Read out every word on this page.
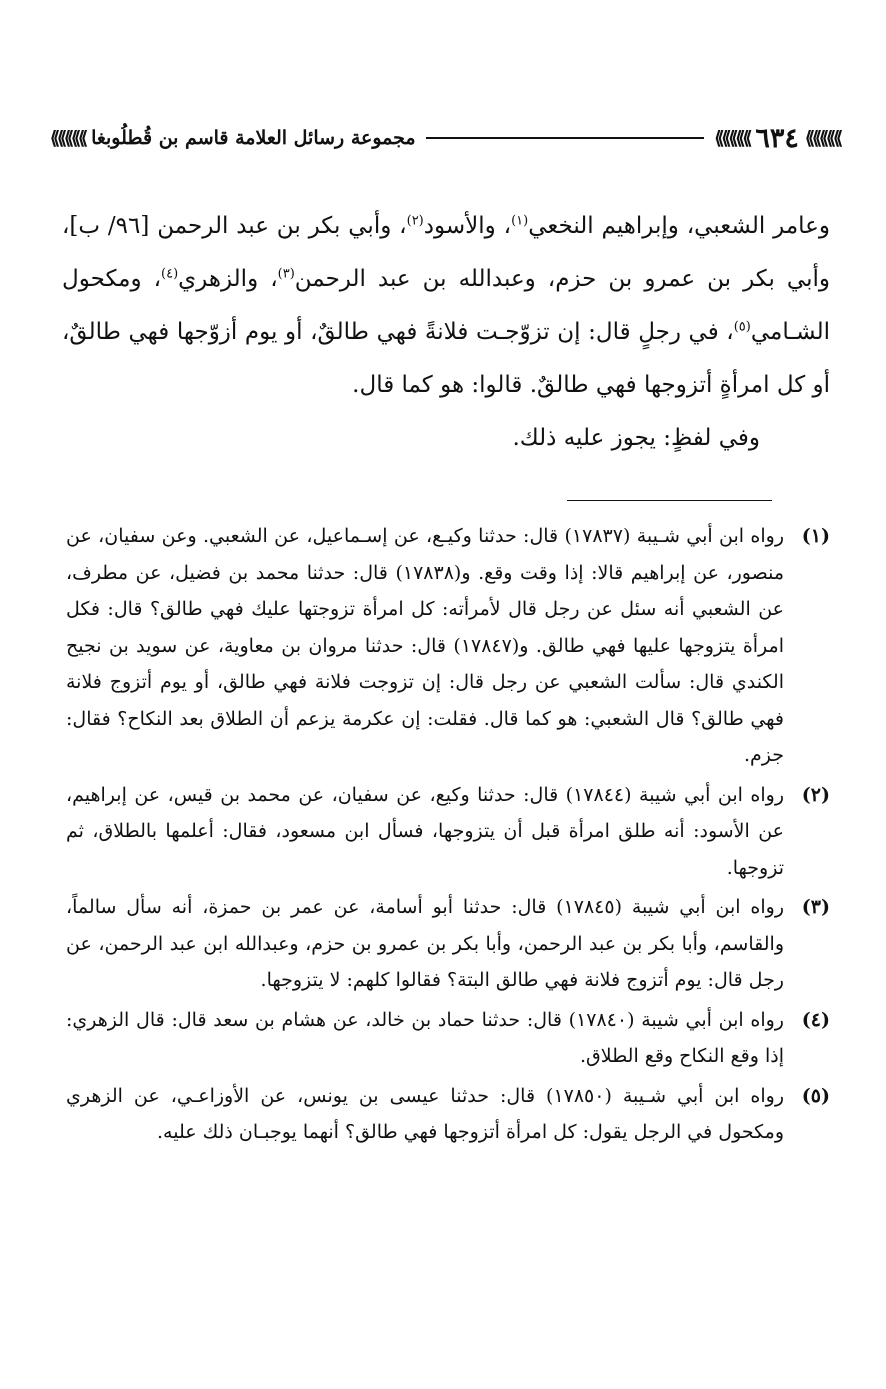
⟫⟫⟫⟫⟫
٦٣٤
⟫⟫⟫⟫⟫
مجموعة رسائل العلامة قاسم بن قُطلُوبغا
⟫⟫⟫⟫⟫

وعامر الشعبي، وإبراهيم النخعي$^{(١)}$، والأسود$^{(٢)}$، وأبي بكر بن عبد الرحمن [٩٦/ ب]، وأبي بكر بن عمرو بن حزم، وعبدالله بن عبد الرحمن$^{(٣)}$، والزهري$^{(٤)}$، ومكحول الشـامي$^{(٥)}$، في رجلٍ قال: إن تزوّجـت فلانةً فهي طالقٌ، أو يوم أزوّجها فهي طالقٌ، أو كل امرأةٍ أتزوجها فهي طالقٌ. قالوا: هو كما قال.

وفي لفظٍ: يجوز عليه ذلك.

(١)
رواه ابن أبي شـيبة (١٧٨٣٧) قال: حدثنا وكيـع، عن إسـماعيل، عن الشعبي. وعن سفيان، عن منصور، عن إبراهيم قالا: إذا وقت وقع. و(١٧٨٣٨) قال: حدثنا محمد بن فضيل، عن مطرف، عن الشعبي أنه سئل عن رجل قال لأمرأته: كل امرأة تزوجتها عليك فهي طالق؟ قال: فكل امرأة يتزوجها عليها فهي طالق. و(١٧٨٤٧) قال: حدثنا مروان بن معاوية، عن سويد بن نجيح الكندي قال: سألت الشعبي عن رجل قال: إن تزوجت فلانة فهي طالق، أو يوم أتزوج فلانة فهي طالق؟ قال الشعبي: هو كما قال. فقلت: إن عكرمة يزعم أن الطلاق بعد النكاح؟ فقال: جزم.
(٢)
رواه ابن أبي شيبة (١٧٨٤٤) قال: حدثنا وكيع، عن سفيان، عن محمد بن قيس، عن إبراهيم، عن الأسود: أنه طلق امرأة قبل أن يتزوجها، فسأل ابن مسعود، فقال: أعلمها بالطلاق، ثم تزوجها.
(٣)
رواه ابن أبي شيبة (١٧٨٤٥) قال: حدثنا أبو أسامة، عن عمر بن حمزة، أنه سأل سالماً، والقاسم، وأبا بكر بن عبد الرحمن، وأبا بكر بن عمرو بن حزم، وعبدالله ابن عبد الرحمن، عن رجل قال: يوم أتزوج فلانة فهي طالق البتة؟ فقالوا كلهم: لا يتزوجها.
(٤)
رواه ابن أبي شيبة (١٧٨٤٠) قال: حدثنا حماد بن خالد، عن هشام بن سعد قال: قال الزهري: إذا وقع النكاح وقع الطلاق.
(٥)
رواه ابن أبي شـيبة (١٧٨٥٠) قال: حدثنا عيسى بن يونس، عن الأوزاعـي، عن الزهري ومكحول في الرجل يقول: كل امرأة أتزوجها فهي طالق؟ أنهما يوجبـان ذلك عليه.
